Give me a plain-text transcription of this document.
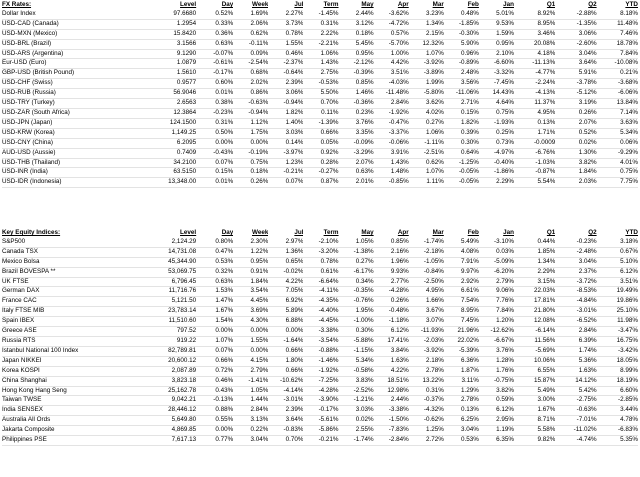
FX Rates:	Level	Day	Week	Jul	Term	May	Apr	Mar	Feb	Jan	Q1	Q2	YTD
Dollar Index	97.6680	0.52%	1.69%	2.27%	-1.45%	2.44%	-3.62%	3.23%	0.48%	5.01%	8.92%	-2.88%	8.18%
USD-CAD (Canada)	1.2954	0.33%	2.06%	3.73%	0.31%	3.12%	-4.72%	1.34%	-1.85%	9.53%	8.95%	-1.35%	11.48%
USD-MXN (Mexico)	15.8420	0.36%	0.62%	0.78%	2.22%	0.18%	0.57%	2.15%	-0.30%	1.59%	3.46%	3.06%	7.46%
USD-BRL (Brazil)	3.1566	0.63%	-0.11%	1.55%	-2.21%	5.45%	-5.70%	12.32%	5.90%	0.95%	20.08%	-2.60%	18.78%
USD-ARS (Argentina)	9.1290	-0.07%	0.09%	0.46%	1.06%	0.95%	1.00%	1.07%	0.96%	2.10%	4.18%	3.04%	7.84%
Eur-USD (Euro)	1.0879	-0.61%	-2.54%	-2.37%	1.43%	-2.12%	4.42%	-3.92%	-0.89%	-6.60%	-11.13%	3.64%	-10.08%
GBP-USD (British Pound)	1.5610	-0.17%	0.68%	-0.64%	2.75%	-0.39%	3.51%	-3.89%	2.48%	-3.32%	-4.77%	5.91%	0.21%
USD-CHF (Swiss)	0.9577	0.60%	2.02%	2.39%	-0.53%	0.85%	-4.03%	1.99%	3.56%	-7.45%	-2.24%	-3.78%	-3.68%
USD-RUB (Russia)	56.9046	0.01%	0.86%	3.06%	5.50%	1.46%	-11.48%	-5.80%	-11.06%	14.43%	-4.13%	-5.12%	-6.06%
USD-TRY (Turkey)	2.6563	0.38%	-0.63%	-0.94%	0.70%	-0.36%	2.84%	3.62%	2.71%	4.64%	11.37%	3.19%	13.84%
USD-ZAR (South Africa)	12.3864	-0.23%	-0.94%	1.82%	0.11%	0.23%	-1.92%	4.02%	0.15%	0.75%	4.95%	0.26%	7.14%
USD-JPN (Japan)	124.1500	0.31%	1.12%	1.40%	-1.39%	3.76%	-0.47%	0.27%	1.82%	-1.93%	0.13%	2.07%	3.63%
USD-KRW (Korea)	1,149.25	0.50%	1.75%	3.03%	0.66%	3.35%	-3.37%	1.06%	0.39%	0.25%	1.71%	0.52%	5.34%
USD-CNY (China)	6.2095	0.00%	0.00%	0.14%	0.05%	-0.09%	-0.06%	-1.11%	0.30%	0.73%	-0.0009	0.02%	0.06%
AUD-USD (Aussie)	0.7409	-0.43%	-0.19%	-3.97%	0.92%	-3.29%	3.91%	-2.51%	0.64%	-4.97%	-6.76%	1.30%	-9.29%
USD-THB (Thailand)	34.2100	0.07%	0.75%	1.23%	0.28%	2.07%	1.43%	0.62%	-1.25%	-0.40%	-1.03%	3.82%	4.01%
USD-INR (India)	63.5150	0.15%	0.18%	-0.21%	-0.27%	0.63%	1.48%	1.07%	-0.05%	-1.86%	-0.87%	1.84%	0.75%
USD-IDR (Indonesia)	13,348.00	0.01%	0.26%	0.07%	0.87%	2.01%	-0.85%	1.11%	-0.05%	2.29%	5.54%	2.03%	7.75%
Key Equity Indices:	Level	Day	Week	Jul	Term	May	Apr	Mar	Feb	Jan	Q1	Q2	YTD
S&P500	2,124.29	0.80%	2.30%	2.97%	-2.10%	1.05%	0.85%	-1.74%	5.49%	-3.10%	0.44%	-0.23%	3.18%
Canada TSX	14,731.08	0.47%	1.22%	1.36%	-3.20%	-1.38%	2.16%	-2.18%	4.08%	0.03%	1.85%	-2.48%	0.67%
Mexico Bolsa	45,344.90	0.53%	0.95%	0.65%	0.78%	0.27%	1.96%	-1.05%	7.91%	-5.09%	1.34%	3.04%	5.10%
Brazil BOVESPA **	53,069.75	0.32%	0.91%	-0.02%	0.61%	-6.17%	9.93%	-0.84%	9.97%	-6.20%	2.29%	2.37%	6.12%
UK FTSE	6,796.45	0.63%	1.84%	4.22%	-6.64%	0.34%	2.77%	-2.50%	2.92%	2.79%	3.15%	-3.72%	3.51%
German DAX	11,716.76	1.53%	3.54%	7.05%	-4.11%	-0.35%	-4.28%	4.95%	6.61%	9.06%	22.03%	-8.53%	19.49%
France CAC	5,121.50	1.47%	4.45%	6.92%	-4.35%	-0.76%	0.26%	1.66%	7.54%	7.76%	17.81%	-4.84%	19.86%
Italy FTSE MIB	23,783.14	1.67%	3.69%	5.89%	-4.40%	1.95%	-0.48%	3.67%	8.95%	7.84%	21.80%	-3.01%	25.10%
Spain IBEX	11,510.60	1.54%	4.30%	6.88%	-4.45%	-1.00%	-1.18%	3.07%	7.45%	1.20%	12.08%	-6.52%	11.98%
Greece ASE	797.52	0.00%	0.00%	0.00%	-3.38%	0.30%	6.12%	-11.93%	21.96%	-12.62%	-6.14%	2.84%	-3.47%
Russia RTS	919.22	1.07%	1.55%	-1.64%	-3.54%	-5.88%	17.41%	-2.03%	22.02%	-6.67%	11.56%	6.39%	16.75%
Istanbul National 100 Index	82,789.81	0.07%	0.00%	0.66%	-0.88%	-1.15%	3.84%	-3.92%	-5.39%	3.76%	-5.69%	1.74%	-3.42%
Japan NIKKEI	20,600.12	0.66%	4.15%	1.80%	-1.46%	5.34%	1.63%	2.18%	6.36%	1.28%	10.06%	5.36%	18.05%
Korea KOSPI	2,087.89	0.72%	2.79%	0.66%	-1.92%	-0.58%	4.22%	2.78%	1.87%	1.76%	6.55%	1.63%	8.99%
China Shanghai	3,823.18	0.46%	-1.41%	-10.62%	-7.25%	3.83%	18.51%	13.22%	3.11%	-0.75%	15.87%	14.12%	18.19%
Hong Kong Hang Seng	25,162.78	0.43%	1.05%	-4.14%	-4.28%	-2.52%	12.98%	0.31%	1.29%	3.82%	5.49%	5.42%	6.60%
Taiwan TWSE	9,042.21	-0.13%	1.44%	-3.01%	-3.90%	-1.21%	2.44%	-0.37%	2.78%	0.59%	3.00%	-2.75%	-2.85%
India SENSEX	28,446.12	0.88%	2.84%	2.39%	-0.17%	3.03%	-3.38%	-4.32%	0.13%	6.12%	1.67%	-0.63%	3.44%
Australia All Ords	5,649.80	0.55%	3.13%	3.64%	-5.61%	0.02%	-1.50%	-0.62%	6.25%	2.95%	8.71%	-7.01%	4.78%
Jakarta Composite	4,869.85	0.00%	0.22%	-0.83%	-5.86%	2.55%	-7.83%	1.25%	3.04%	1.19%	5.58%	-11.02%	-6.83%
Philippines PSE	7,617.13	0.77%	3.04%	0.70%	-0.21%	-1.74%	-2.84%	2.72%	0.53%	6.35%	9.82%	-4.74%	5.35%
